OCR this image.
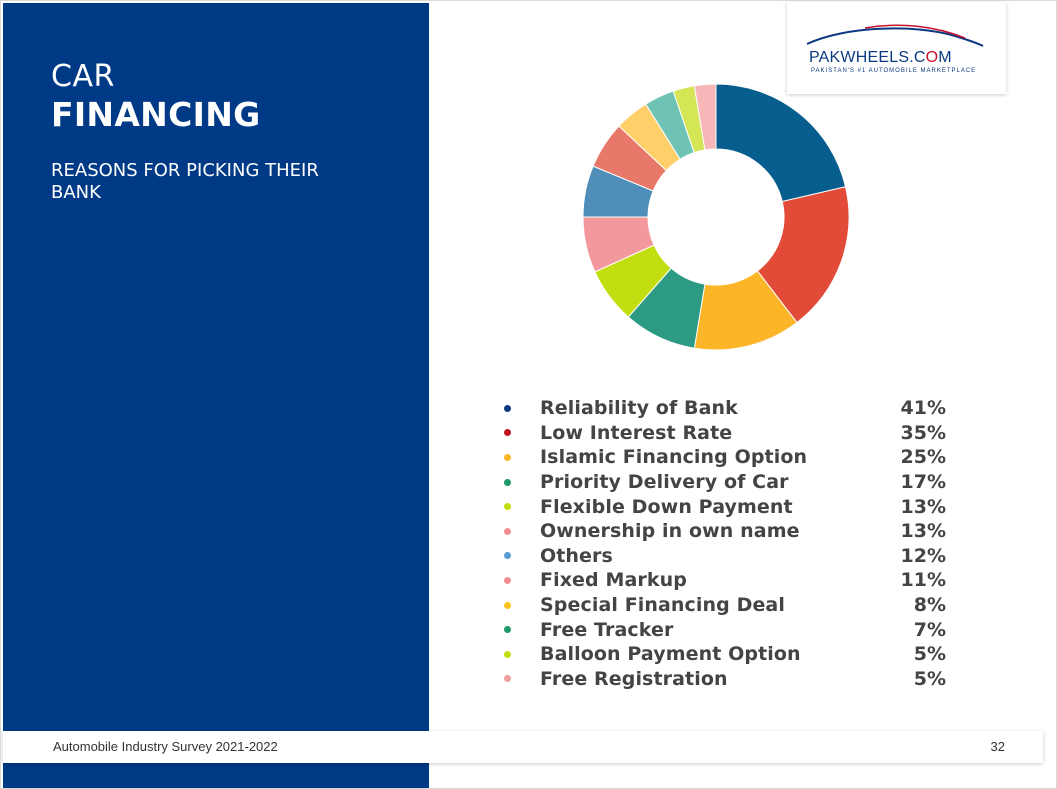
CAR
FINANCING
REASONS FOR PICKING THEIR BANK
PAKWHEELS.COM
PAKISTAN'S #1 AUTOMOBILE MARKETPLACE
Reliability of Bank	41%
Low Interest Rate	35%
Islamic Financing Option	25%
Priority Delivery of Car	17%
Flexible Down Payment	13%
Ownership in own name	13%
Others	12%
Fixed Markup	11%
Special Financing Deal	8%
Free Tracker	7%
Balloon Payment Option	5%
Free Registration	5%
Automobile Industry Survey 2021-2022	32
